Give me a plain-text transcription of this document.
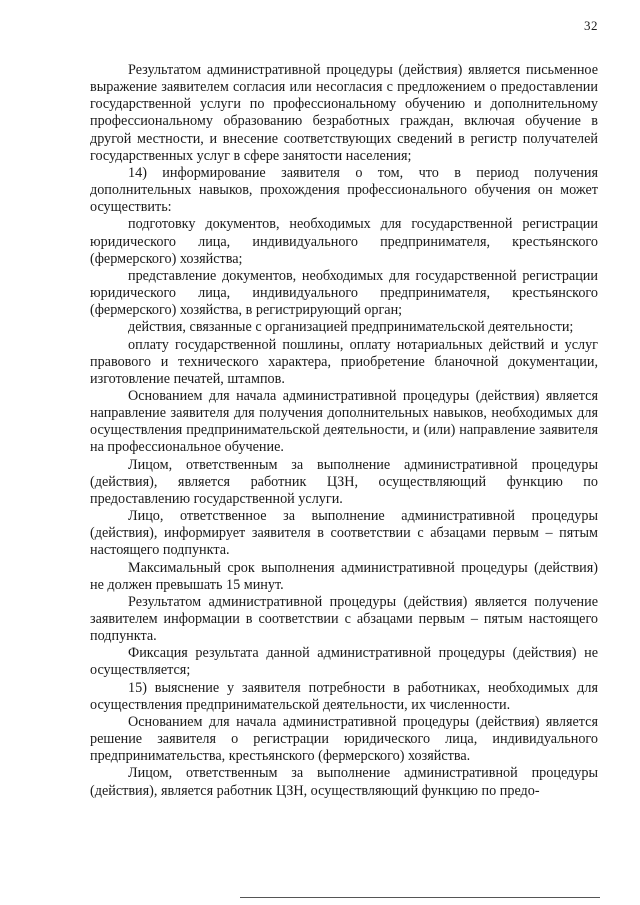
32

Результатом административной процедуры (действия) является письменное выражение заявителем согласия или несогласия с предложением о предоставлении государственной услуги по профессиональному обучению и дополнительному профессиональному образованию безработных граждан, включая обучение в другой местности, и внесение соответствующих сведений в регистр получателей государственных услуг в сфере занятости населения;

14) информирование заявителя о том, что в период получения дополнительных навыков, прохождения профессионального обучения он может осуществить:

подготовку документов, необходимых для государственной регистрации юридического лица, индивидуального предпринимателя, крестьянского (фермерского) хозяйства;

представление документов, необходимых для государственной регистрации юридического лица, индивидуального предпринимателя, крестьянского (фермерского) хозяйства, в регистрирующий орган;

действия, связанные с организацией предпринимательской деятельности;

оплату государственной пошлины, оплату нотариальных действий и услуг правового и технического характера, приобретение бланочной документации, изготовление печатей, штампов.

Основанием для начала административной процедуры (действия) является направление заявителя для получения дополнительных навыков, необходимых для осуществления предпринимательской деятельности, и (или) направление заявителя на профессиональное обучение.

Лицом, ответственным за выполнение административной процедуры (действия), является работник ЦЗН, осуществляющий функцию по предоставлению государственной услуги.

Лицо, ответственное за выполнение административной процедуры (действия), информирует заявителя в соответствии с абзацами первым – пятым настоящего подпункта.

Максимальный срок выполнения административной процедуры (действия) не должен превышать 15 минут.

Результатом административной процедуры (действия) является получение заявителем информации в соответствии с абзацами первым – пятым настоящего подпункта.

Фиксация результата данной административной процедуры (действия) не осуществляется;

15) выяснение у заявителя потребности в работниках, необходимых для осуществления предпринимательской деятельности, их численности.

Основанием для начала административной процедуры (действия) является решение заявителя о регистрации юридического лица, индивидуального предпринимательства, крестьянского (фермерского) хозяйства.

Лицом, ответственным за выполнение административной процедуры (действия), является работник ЦЗН, осуществляющий функцию по предо-
